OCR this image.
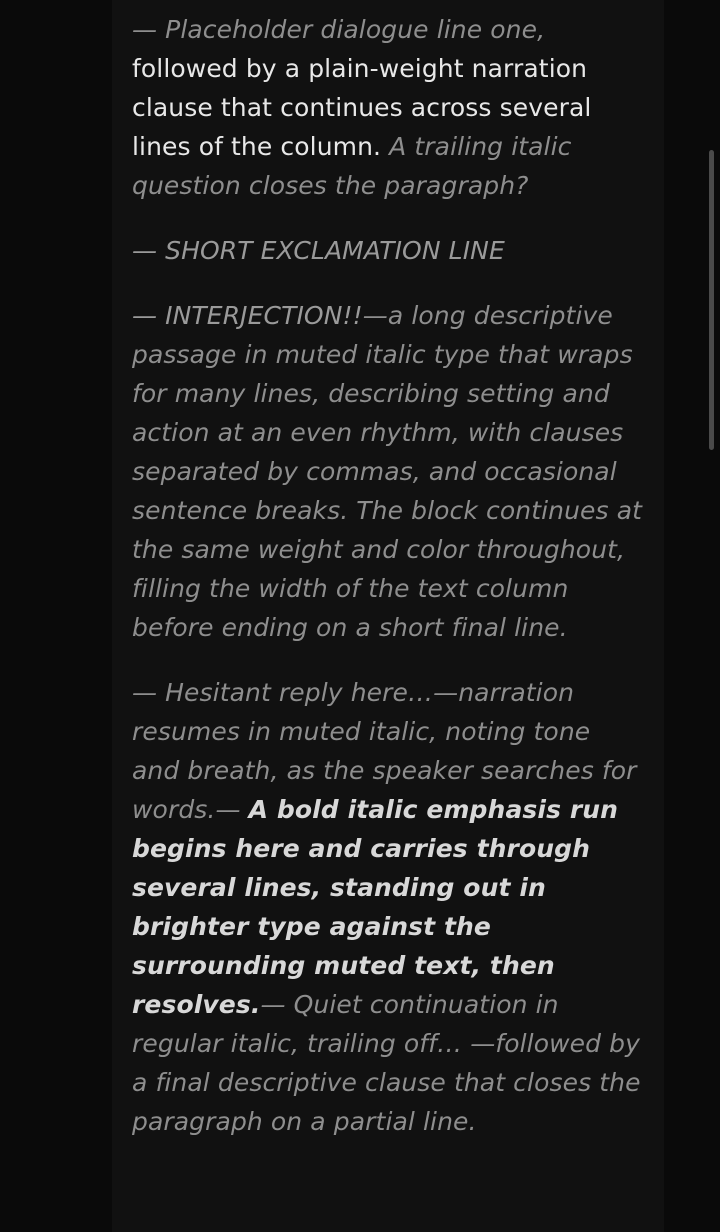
— Placeholder dialogue line one, followed by a plain-weight narration clause that continues across several lines of the column. A trailing italic question closes the paragraph?

— SHORT EXCLAMATION LINE

— INTERJECTION!!—a long descriptive passage in muted italic type that wraps for many lines, describing setting and action at an even rhythm, with clauses separated by commas, and occasional sentence breaks. The block continues at the same weight and color throughout, filling the width of the text column before ending on a short final line.

— Hesitant reply here…—narration resumes in muted italic, noting tone and breath, as the speaker searches for words.— A bold italic emphasis run begins here and carries through several lines, standing out in brighter type against the surrounding muted text, then resolves.— Quiet continuation in regular italic, trailing off… —followed by a final descriptive clause that closes the paragraph on a partial line.
